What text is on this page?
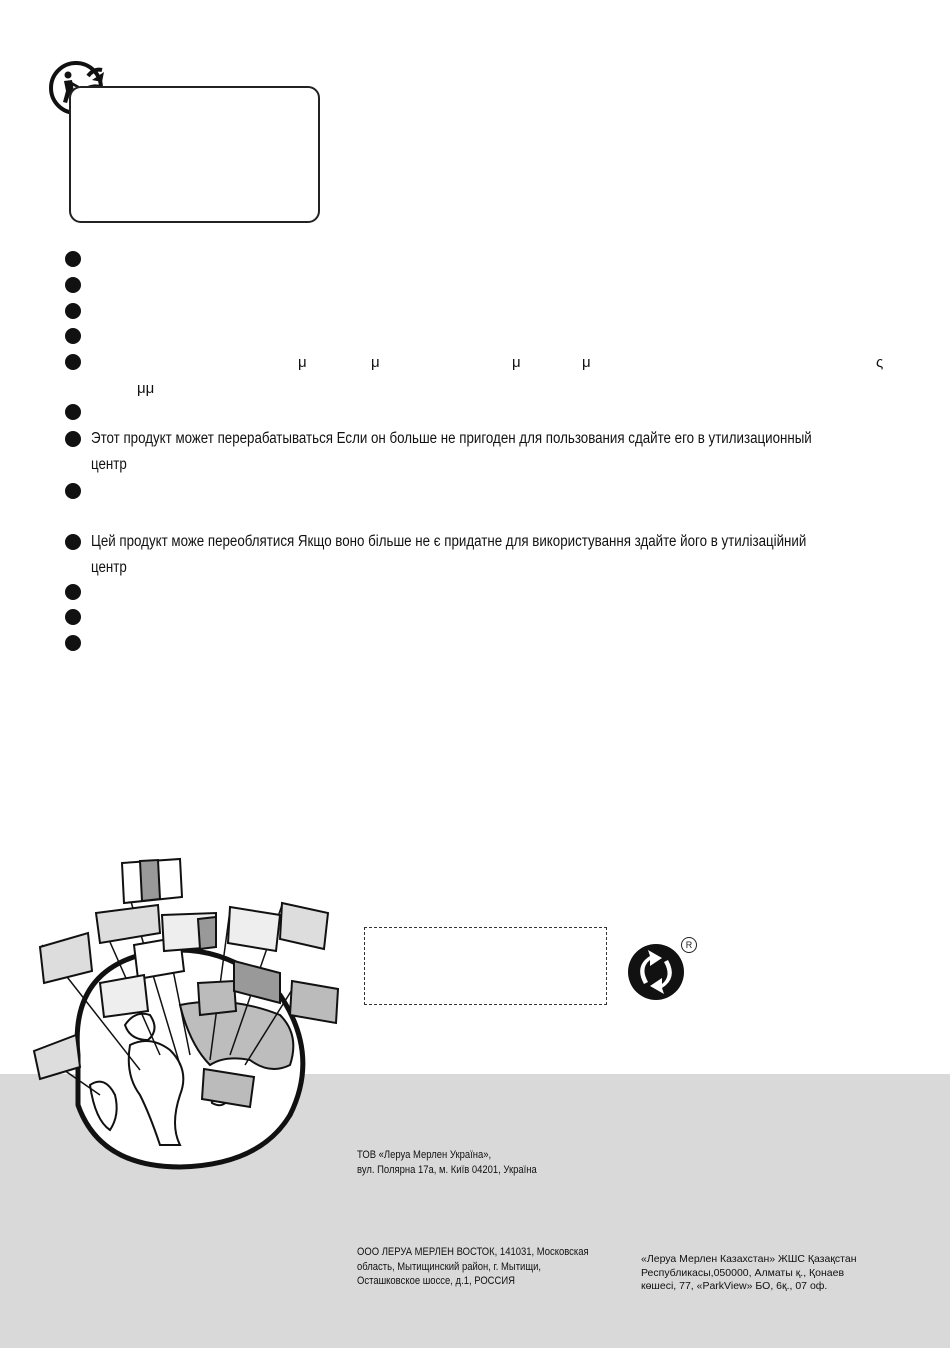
μ	μ	μ	μ	ς
μμ
Этот продукт может перерабатываться Если он больше не пригоден для пользования сдайте его в утилизационный
центр
Цей продукт може переоблятися Якщо воно більше не є придатне для використування здайте його в утилізаційний
центр
R
ТОВ «Леруа Мерлен Україна»,
вул. Полярна 17а, м. Київ 04201, Україна
ООО ЛЕРУА МЕРЛЕН ВОСТОК, 141031, Московская
область, Мытищинский район, г. Мытищи,
Осташковское шоссе, д.1, РОССИЯ
«Леруа Мерлен Казахстан» ЖШС Қазақстан
Республикасы,050000, Алматы қ., Қонаев
көшесі, 77, «ParkView» БО, 6қ., 07 оф.
